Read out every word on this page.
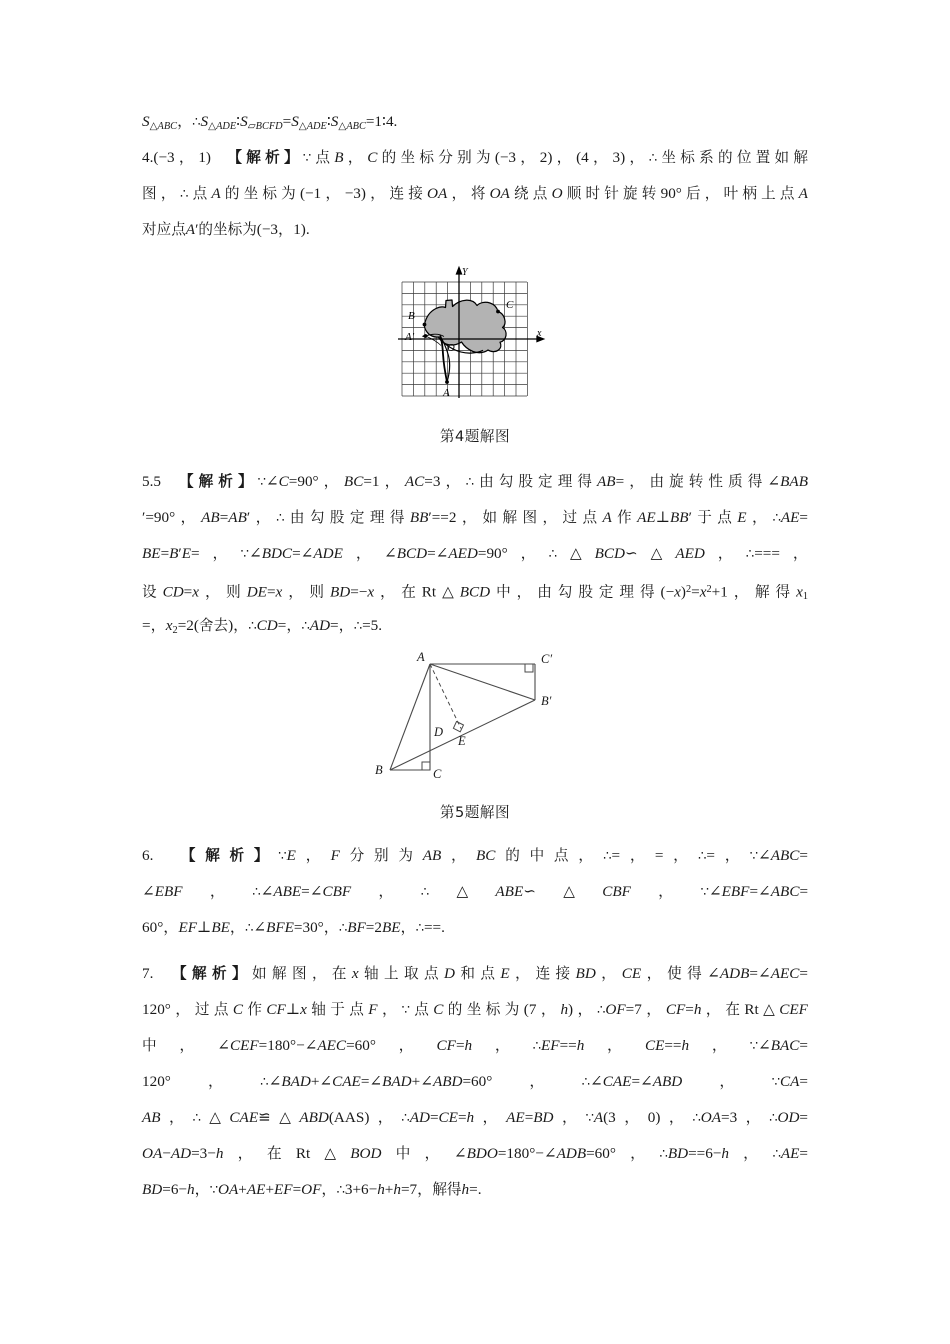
$S_{\triangle ABC}$，$\therefore S_{\triangle ADE}∶S_{▱BCFD}=S_{\triangle ADE}∶S_{\triangle ABC}=1∶4$.
4.(−3，1)　【解析】∵点B，C的坐标分别为(−3，2)，(4，3)，∴坐标系的位置如解
图，∴点A的坐标为(−1，−3)，连接OA，将OA绕点O顺时针旋转90°后，叶柄上点A
对应点A′的坐标为(−3，1).
Y
x
O
B
C
A′
A
第4题解图
5.5　【解析】∵∠C=90°，BC=1，AC=3，∴由勾股定理得AB=，由旋转性质得∠BAB
′=90°，AB=AB′，∴由勾股定理得BB′==2，如解图，过点A作AE⊥BB′于点E，∴AE=
BE=B′E=，∵∠BDC=∠ADE，∠BCD=∠AED=90°，∴△BCD∽△AED，∴===，
设CD=x，则DE=x，则BD=−x，在Rt△BCD中，由勾股定理得$(-x)^2=x^2+1$，解得$x_1$
=，$x_2=2$(舍去)，∴CD=，∴AD=，∴=5.
A	C′
B′
D
E
B	C
第5题解图
6.　【解析】∵E，F分别为AB，BC的中点，∴=，=，∴=，∵∠ABC=
∠EBF，∴∠ABE=∠CBF，∴△ABE∽△CBF，∵∠EBF=∠ABC=
60°，EF⊥BE，∴∠BFE=30°，∴BF=2BE，∴==.
7.　【解析】如解图，在x轴上取点D和点E，连接BD，CE，使得∠ADB=∠AEC=
120°，过点C作CF⊥x轴于点F，∵点C的坐标为(7，h)，∴OF=7，CF=h，在Rt△CEF
中，∠CEF=180°−∠AEC=60°，CF=h，∴EF==h，CE==h，∵∠BAC=
120°，∴∠BAD+∠CAE=∠BAD+∠ABD=60°，∴∠CAE=∠ABD，∵CA=
AB，∴△CAE≌△ABD(AAS)，∴AD=CE=h，AE=BD，∵A(3，0)，∴OA=3，∴OD=
OA−AD=3−h，在Rt△BOD中，∠BDO=180°−∠ADB=60°，∴BD==6−h，∴AE=
BD=6−h，∵OA+AE+EF=OF，∴3+6−h+h=7，解得h=.
